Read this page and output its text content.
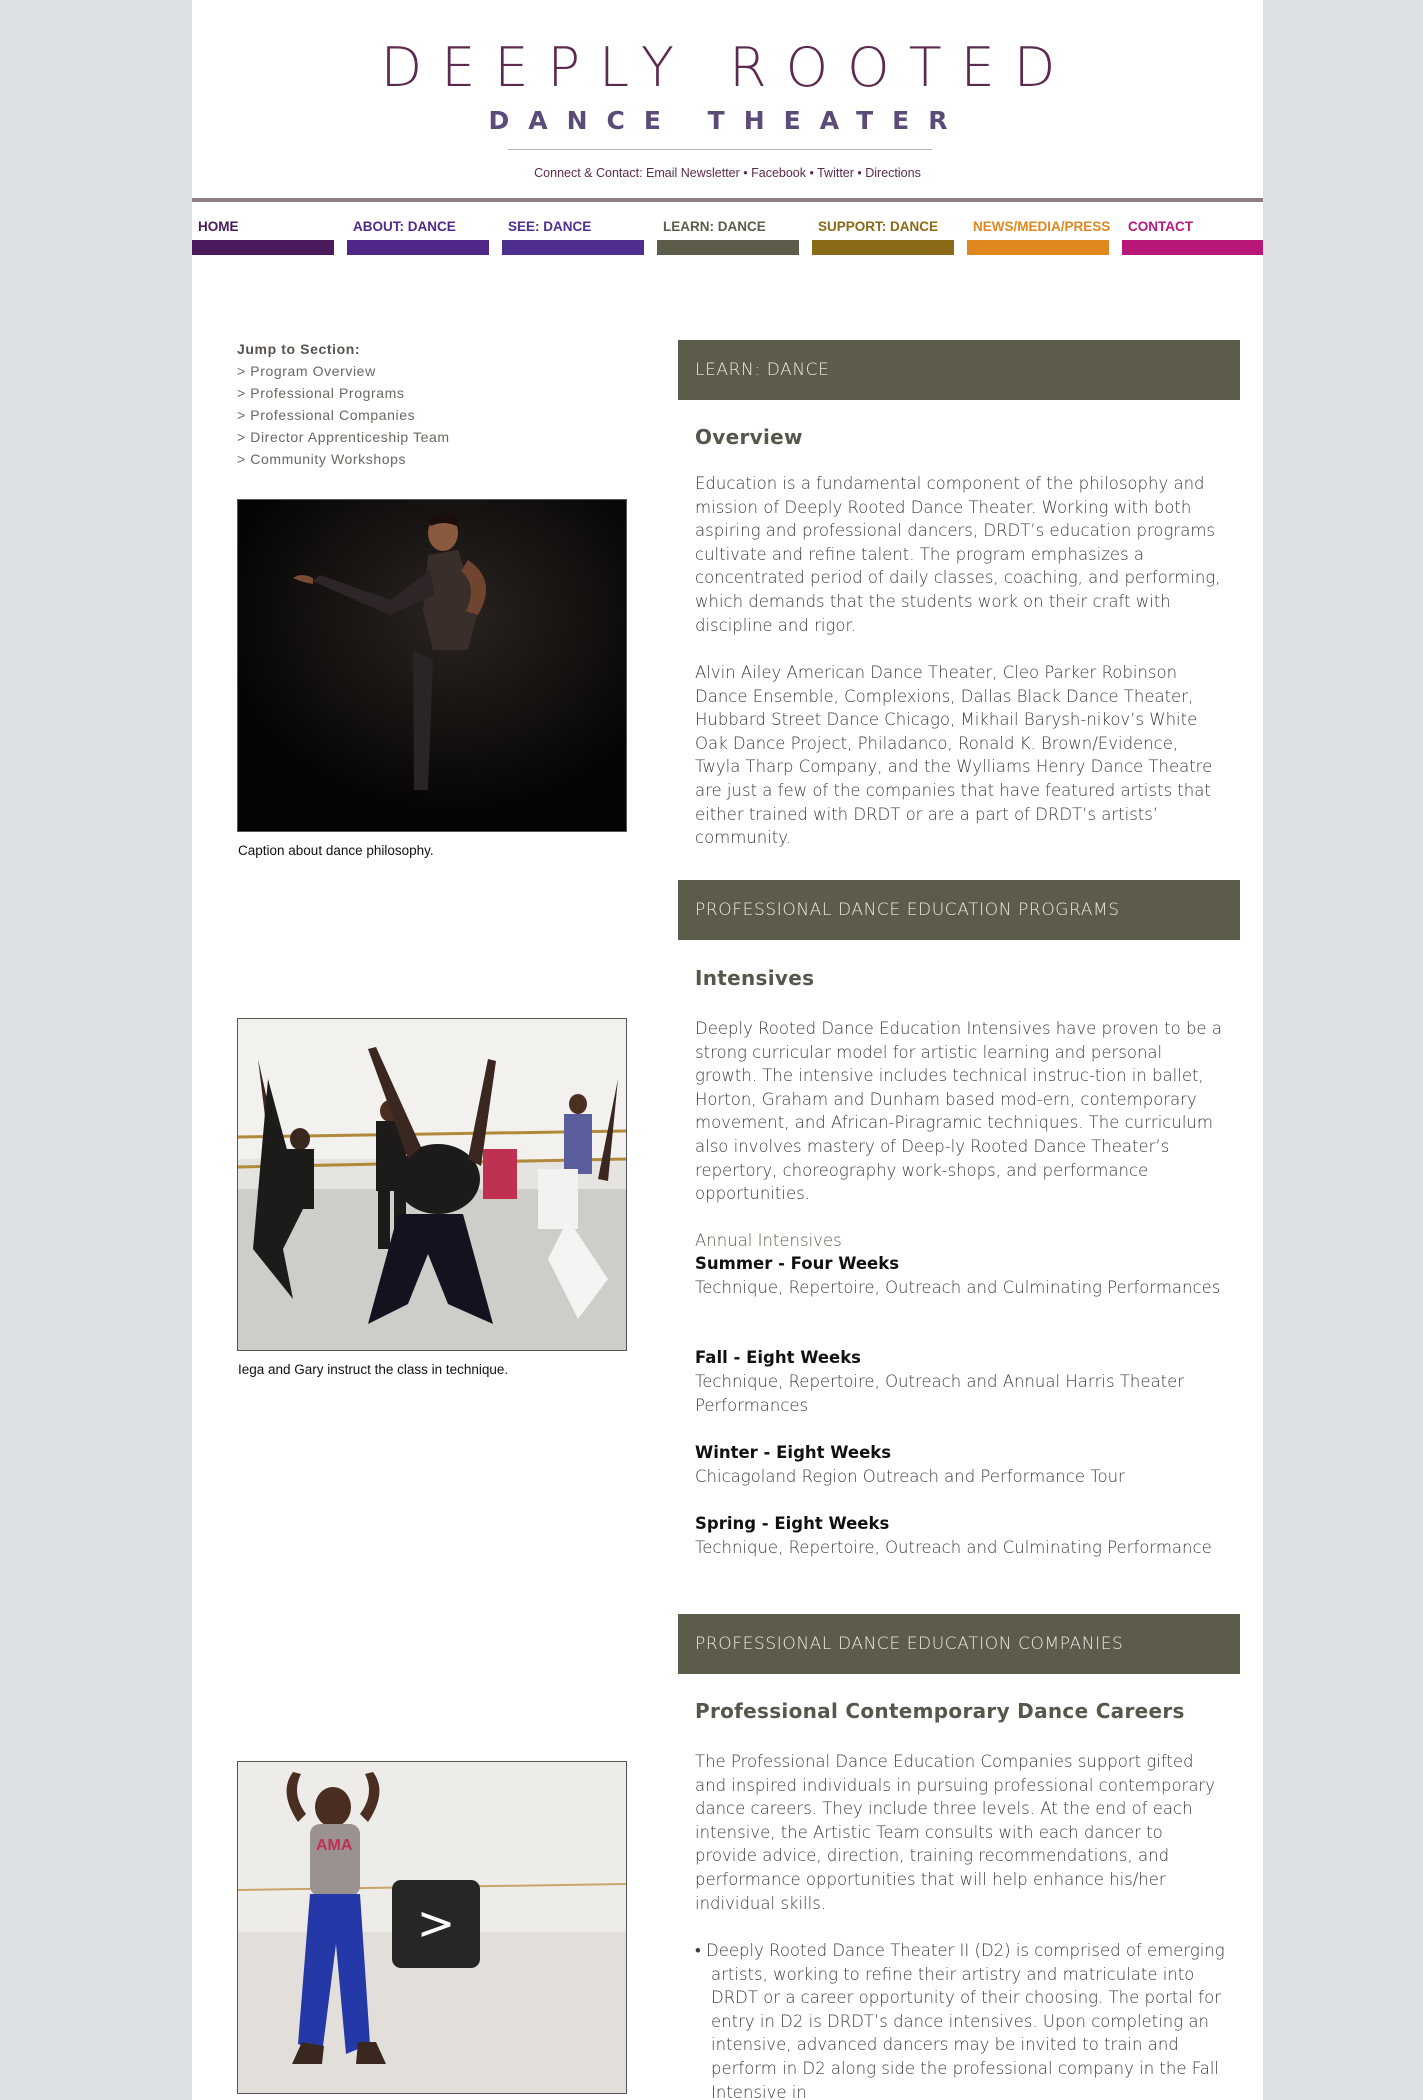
DEEPLY ROOTED
DANCE THEATER
Connect & Contact: Email Newsletter • Facebook • Twitter • Directions
HOME	ABOUT: DANCE	SEE: DANCE	LEARN: DANCE	SUPPORT: DANCE	NEWS/MEDIA/PRESS	CONTACT
Jump to Section:
> Program Overview
> Professional Programs
> Professional Companies
> Director Apprenticeship Team
> Community Workshops
Caption about dance philosophy.
Iega and Gary instruct the class in technique.
AMA
>
LEARN: DANCE
Overview
Education is a fundamental component of the philosophy and mission of Deeply Rooted Dance Theater. Working with both aspiring and professional dancers, DRDT’s education programs cultivate and refine talent. The program emphasizes a concentrated period of daily classes, coaching, and performing, which demands that the students work on their craft with discipline and rigor.
Alvin Ailey American Dance Theater, Cleo Parker Robinson Dance Ensemble, Complexions, Dallas Black Dance Theater, Hubbard Street Dance Chicago, Mikhail Barysh-nikov’s White Oak Dance Project, Philadanco, Ronald K. Brown/Evidence, Twyla Tharp Company, and the Wylliams Henry Dance Theatre are just a few of the companies that have featured artists that either trained with DRDT or are a part of DRDT’s artists’ community.
PROFESSIONAL DANCE EDUCATION PROGRAMS
Intensives
Deeply Rooted Dance Education Intensives have proven to be a strong curricular model for artistic learning and personal growth. The intensive includes technical instruc-tion in ballet, Horton, Graham and Dunham based mod-ern, contemporary movement, and African-Piragramic techniques. The curriculum also involves mastery of Deep-ly Rooted Dance Theater’s repertory, choreography work-shops, and performance opportunities.
Annual Intensives
Summer - Four Weeks
Technique, Repertoire, Outreach and Culminating Performances
Fall - Eight Weeks
Technique, Repertoire, Outreach and Annual Harris Theater Performances
Winter - Eight Weeks
Chicagoland Region Outreach and Performance Tour
Spring - Eight Weeks
Technique, Repertoire, Outreach and Culminating Performance
PROFESSIONAL DANCE EDUCATION COMPANIES
Professional Contemporary Dance Careers
The Professional Dance Education Companies support gifted and inspired individuals in pursuing professional contemporary dance careers. They include three levels. At the end of each intensive, the Artistic Team consults with each dancer to provide advice, direction, training recommendations, and performance opportunities that will help enhance his/her individual skills.
• Deeply Rooted Dance Theater II (D2) is comprised of emerging artists, working to refine their artistry and matriculate into DRDT or a career opportunity of their choosing. The portal for entry in D2 is DRDT’s dance intensives. Upon completing an intensive, advanced dancers may be invited to train and perform in D2 along side the professional company in the Fall Intensive in
